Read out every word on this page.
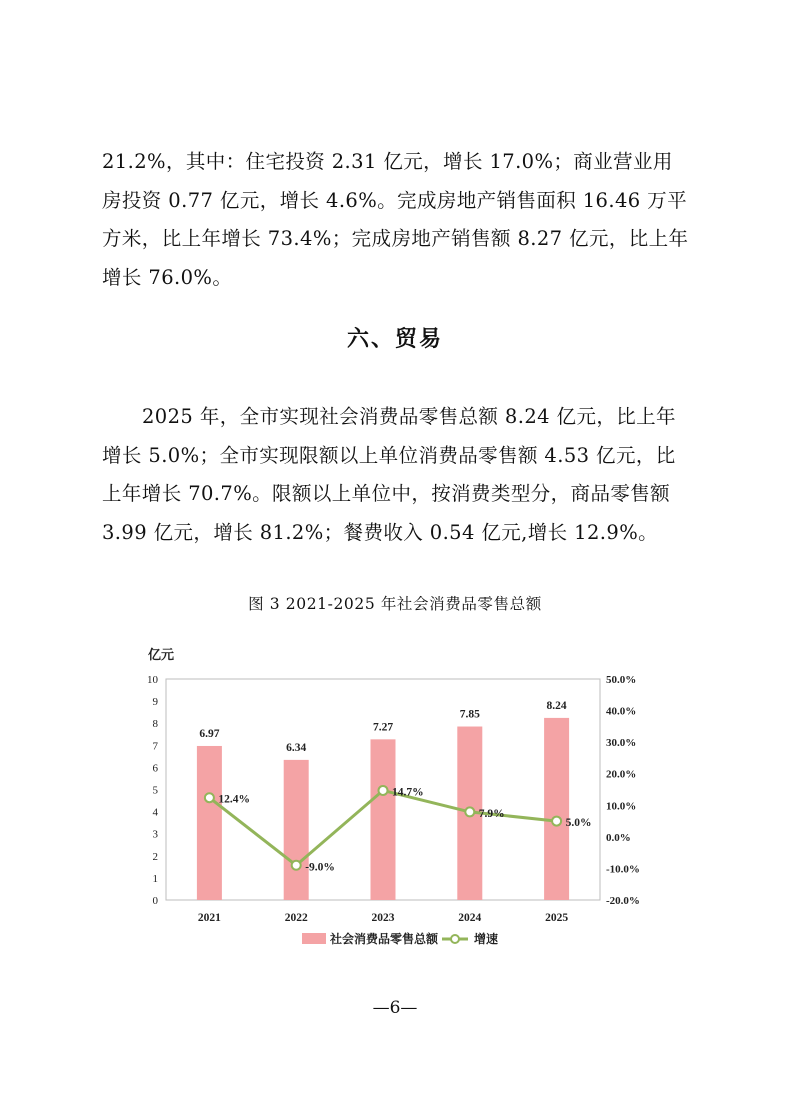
21.2%，其中：住宅投资 2.31 亿元，增长 17.0%；商业营业用房投资 0.77 亿元，增长 4.6%。完成房地产销售面积 16.46 万平方米，比上年增长 73.4%；完成房地产销售额 8.27 亿元，比上年增长 76.0%。

六、贸易

2025 年，全市实现社会消费品零售总额 8.24 亿元，比上年增长 5.0%；全市实现限额以上单位消费品零售额 4.53 亿元，比上年增长 70.7%。限额以上单位中，按消费类型分，商品零售额 3.99 亿元，增长 81.2%；餐费收入 0.54 亿元,增长 12.9%。

图 3 2021-2025 年社会消费品零售总额

亿元
0
1
2
3
4
5
6
7
8
9
10
-20.0%
-10.0%
0.0%
10.0%
20.0%
30.0%
40.0%
50.0%
6.97
6.34
7.27
7.85
8.24
2021	2022	2023	2024	2025
12.4%
-9.0%
14.7%
7.9%
5.0%
社会消费品零售总额	增速
—6—
